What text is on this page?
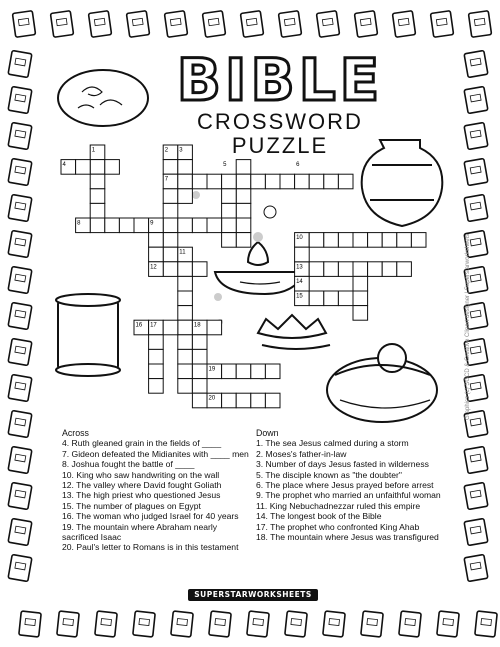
1	2 3
4	5	6
7
8	9
10
11
12	13
14
15
16 17	18
19
20
BIBLE
CROSSWORD PUZZLE
Across

4. Ruth gleaned grain in the fields of ____

7. Gideon defeated the Midianites with ____ men

8. Joshua fought the battle of ____

10. King who saw handwriting on the wall

12. The valley where David fought Goliath

13. The high priest who questioned Jesus

15. The number of plagues on Egypt

16. The woman who judged Israel for 40 years

19. The mountain where Abraham nearly sacrificed Isaac

20. Paul's letter to Romans is in this testament

Down

1. The sea Jesus calmed during a storm

2. Moses's father-in-law

3. Number of days Jesus fasted in wilderness

5. The disciple known as "the doubter"

6. The place where Jesus prayed before arrest

9. The prophet who married an unfaithful woman

11. King Nebuchadnezzar ruled this empire

14. The longest book of the Bible

17. The prophet who confronted King Ahab

18. The mountain where Jesus was transfigured

SUPERSTARWORKSHEETS
Graphics (c) SGCD & Creative Clipart designer | Superstarworksheets
